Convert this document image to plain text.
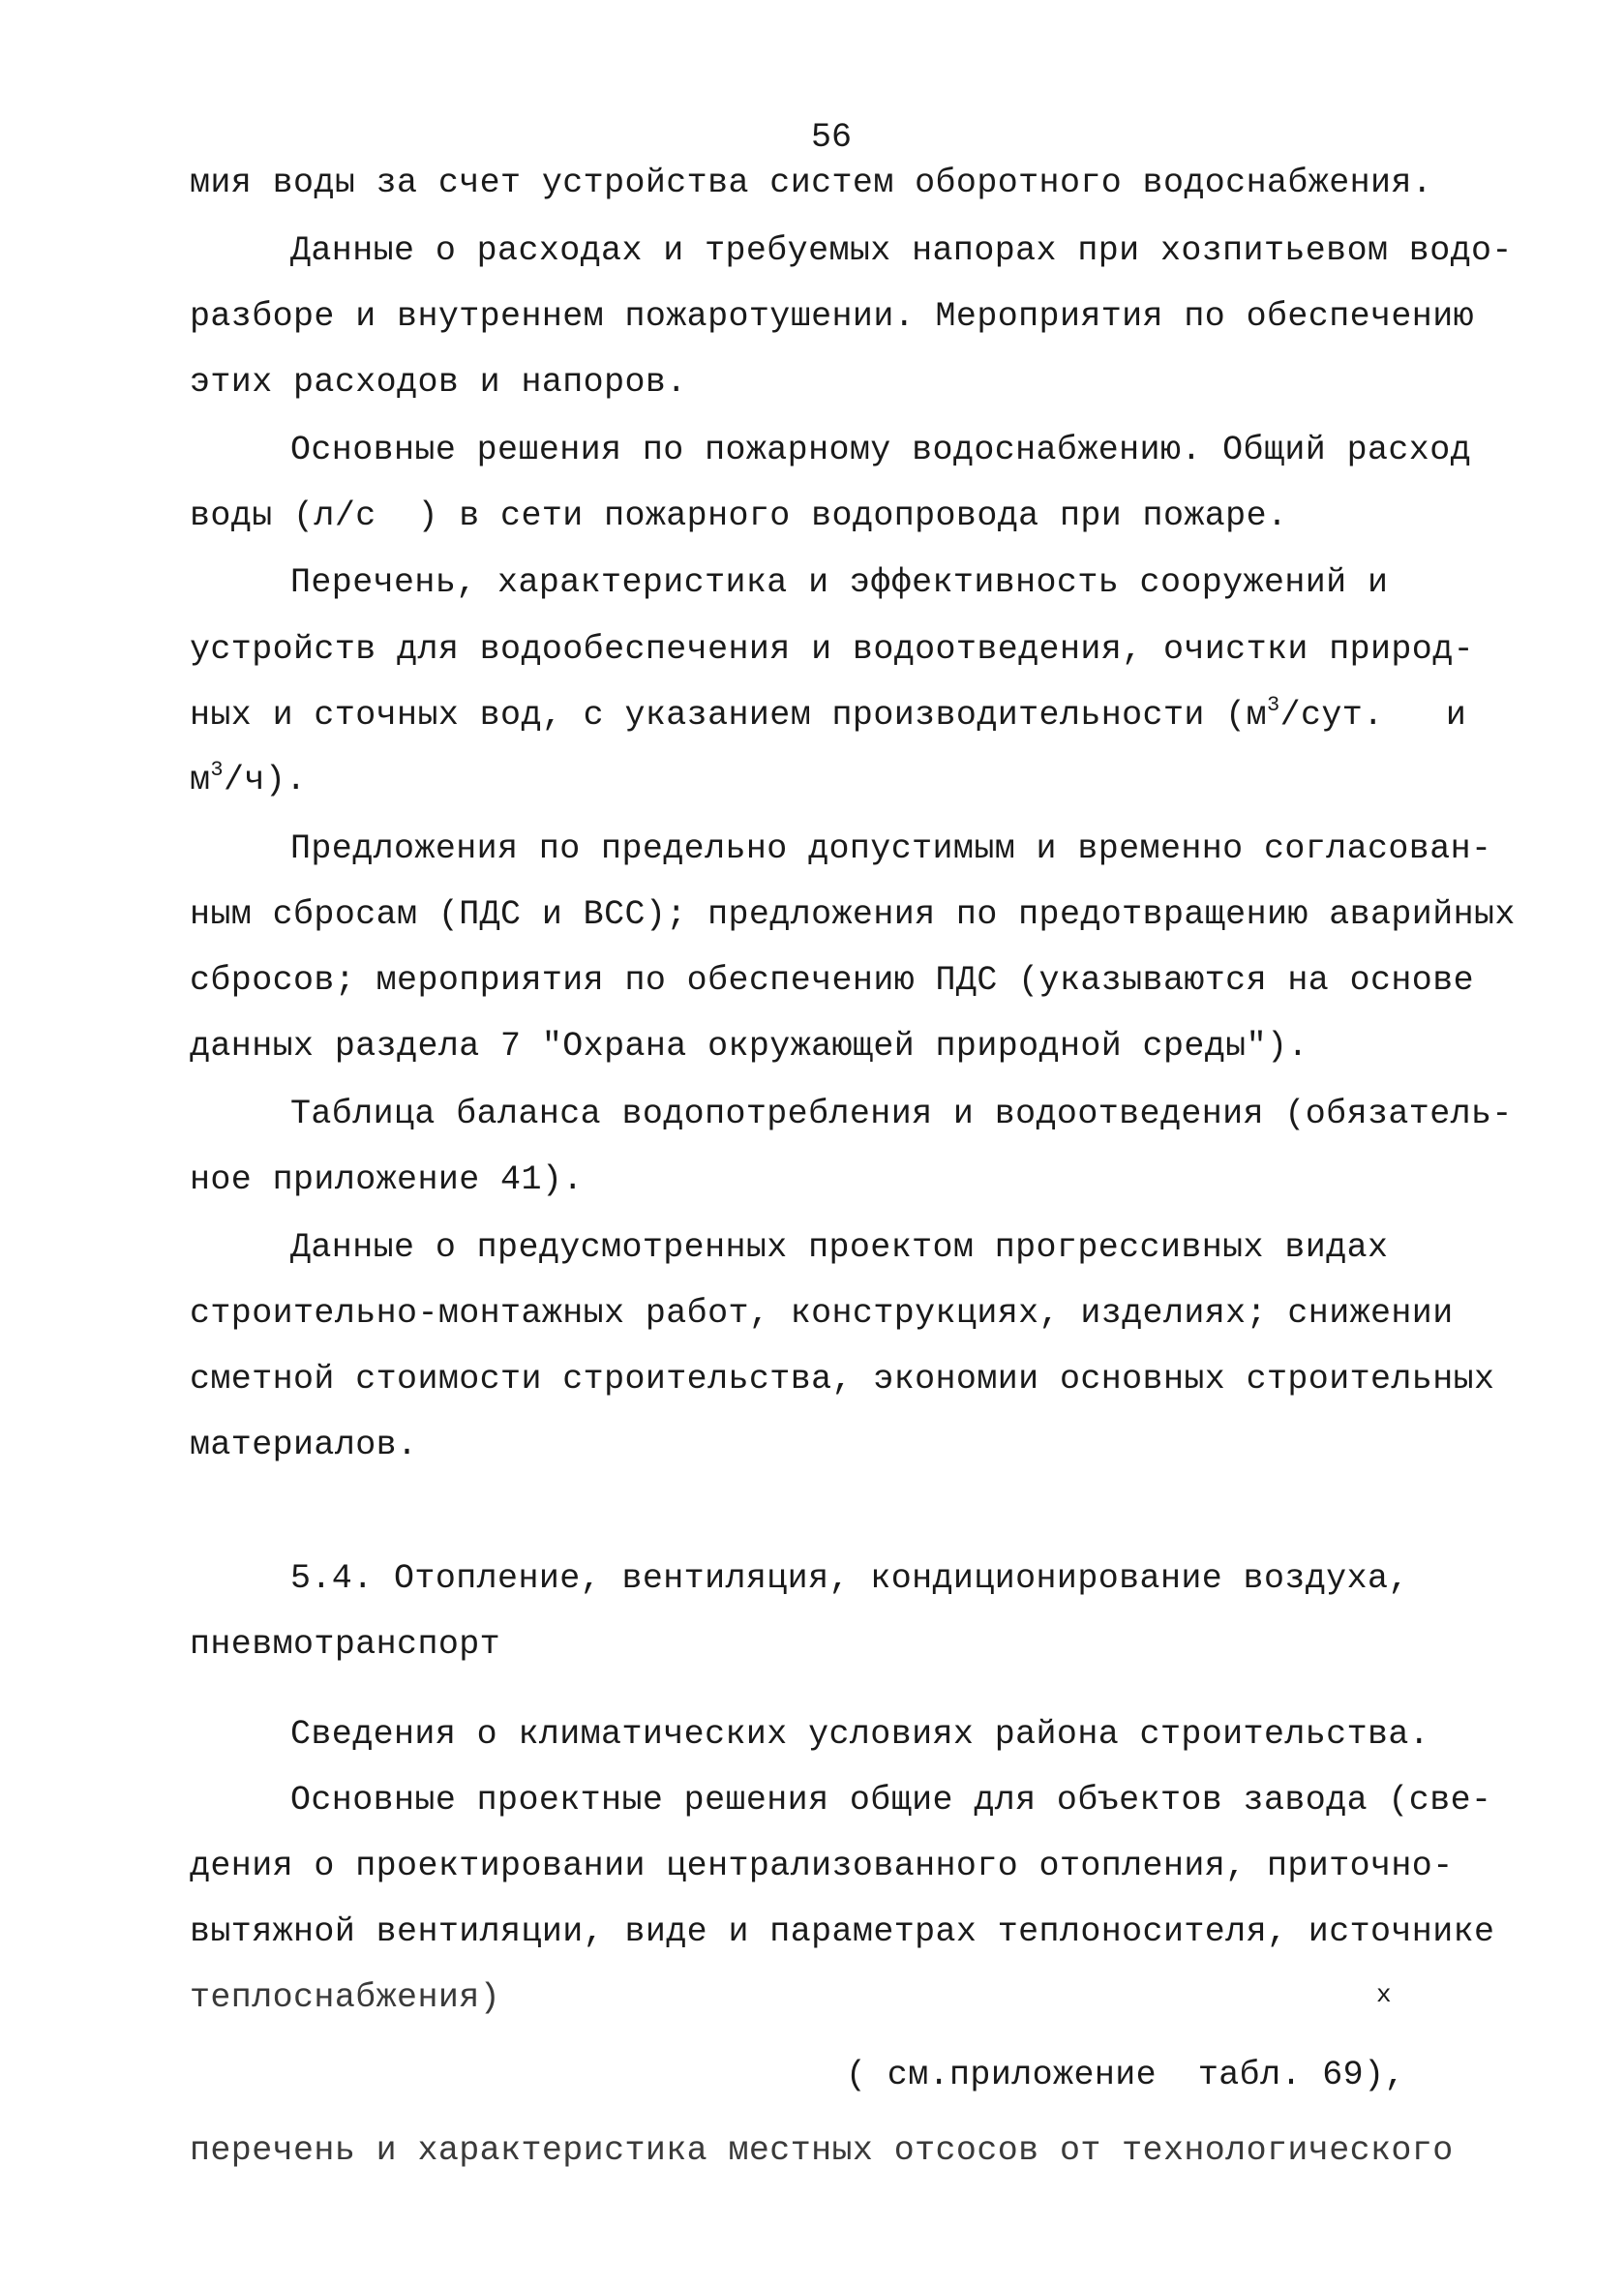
56
мия воды за счет устройства систем оборотного водоснабжения.
Данные о расходах и требуемых напорах при хозпитьевом водо-
разборе и внутреннем пожаротушении. Мероприятия по обеспечению
этих расходов и напоров.
Основные решения по пожарному водоснабжению. Общий расход
воды (л/с  ) в сети пожарного водопровода при пожаре.
Перечень, характеристика и эффективность сооружений и
устройств для водообеспечения и водоотведения, очистки природ-
ных и сточных вод, с указанием производительности ($м^3$/сут.   и
$м^3/ч$).
Предложения по предельно допустимым и временно согласован-
ным сбросам (ПДС и ВСС); предложения по предотвращению аварийных
сбросов; мероприятия по обеспечению ПДС (указываются на основе
данных раздела 7 "Охрана окружающей природной среды").
Таблица баланса водопотребления и водоотведения (обязатель-
ное приложение 41).
Данные о предусмотренных проектом прогрессивных видах
строительно-монтажных работ, конструкциях, изделиях; снижении
сметной стоимости строительства, экономии основных строительных
материалов.
5.4. Отопление, вентиляция, кондиционирование воздуха,
пневмотранспорт
Сведения о климатических условиях района строительства.
Основные проектные решения общие для объектов завода (све-
дения о проектировании централизованного отопления, приточно-
вытяжной вентиляции, виде и параметрах теплоносителя, источнике
теплоснабжения)
( см.приложение  табл. 69),
x
перечень и характеристика местных отсосов от технологического
